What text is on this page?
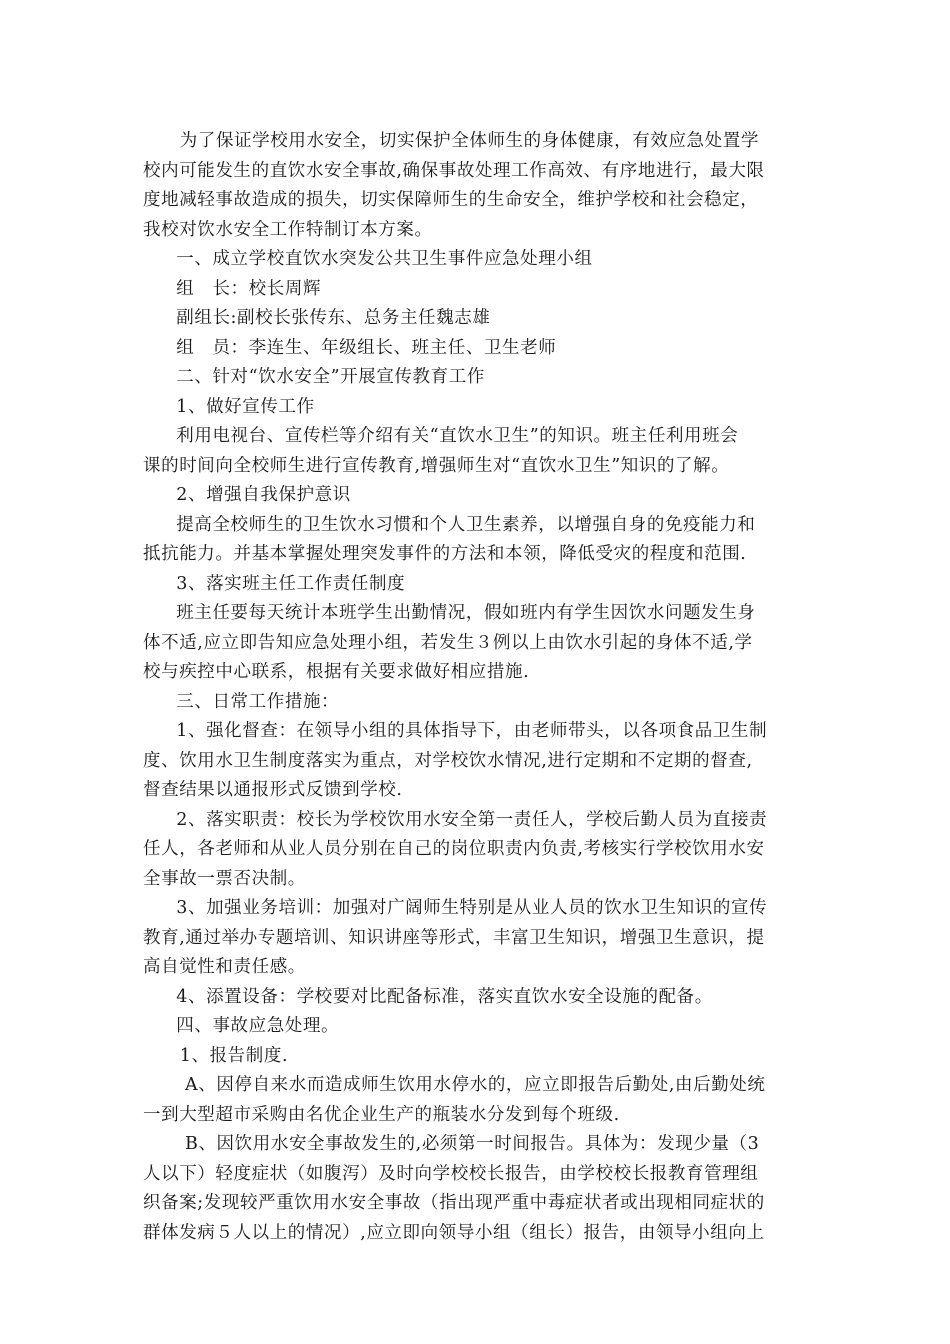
为了保证学校用水安全，切实保护全体师生的身体健康，有效应急处置学
校内可能发生的直饮水安全事故,确保事故处理工作高效、有序地进行，最大限
度地减轻事故造成的损失，切实保障师生的生命安全，维护学校和社会稳定，
我校对饮水安全工作特制订本方案。

一、成立学校直饮水突发公共卫生事件应急处理小组

组　长：校长周辉

副组长:副校长张传东、总务主任魏志雄

组　员：李连生、年级组长、班主任、卫生老师

二、针对“饮水安全”开展宣传教育工作

1、做好宣传工作

利用电视台、宣传栏等介绍有关“直饮水卫生”的知识。班主任利用班会
课的时间向全校师生进行宣传教育,增强师生对“直饮水卫生”知识的了解。

2、增强自我保护意识

提高全校师生的卫生饮水习惯和个人卫生素养，以增强自身的免疫能力和
抵抗能力。并基本掌握处理突发事件的方法和本领，降低受灾的程度和范围.

3、落实班主任工作责任制度

班主任要每天统计本班学生出勤情况，假如班内有学生因饮水问题发生身
体不适,应立即告知应急处理小组，若发生３例以上由饮水引起的身体不适,学
校与疾控中心联系，根据有关要求做好相应措施.

三、日常工作措施：

1、强化督查：在领导小组的具体指导下，由老师带头，以各项食品卫生制
度、饮用水卫生制度落实为重点，对学校饮水情况,进行定期和不定期的督查,
督查结果以通报形式反馈到学校.

2、落实职责：校长为学校饮用水安全第一责任人，学校后勤人员为直接责
任人，各老师和从业人员分别在自己的岗位职责内负责,考核实行学校饮用水安
全事故一票否决制。

3、加强业务培训：加强对广阔师生特别是从业人员的饮水卫生知识的宣传
教育,通过举办专题培训、知识讲座等形式，丰富卫生知识，增强卫生意识，提
高自觉性和责任感。

4、添置设备：学校要对比配备标准，落实直饮水安全设施的配备。

四、事故应急处理。

1、报告制度.

A、因停自来水而造成师生饮用水停水的，应立即报告后勤处,由后勤处统
一到大型超市采购由名优企业生产的瓶装水分发到每个班级.

B、因饮用水安全事故发生的,必须第一时间报告。具体为：发现少量（3
人以下）轻度症状（如腹泻）及时向学校校长报告，由学校校长报教育管理组
织备案;发现较严重饮用水安全事故（指出现严重中毒症状者或出现相同症状的
群体发病５人以上的情况）,应立即向领导小组（组长）报告，由领导小组向上
